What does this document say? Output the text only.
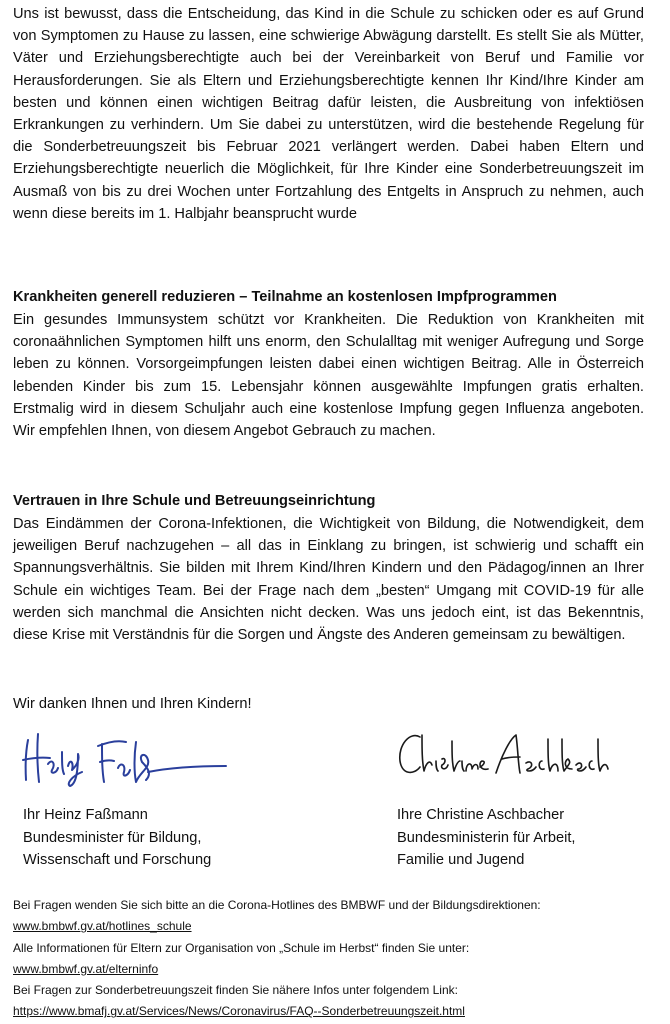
Uns ist bewusst, dass die Entscheidung, das Kind in die Schule zu schicken oder es auf Grund von Symptomen zu Hause zu lassen, eine schwierige Abwägung darstellt. Es stellt Sie als Mütter, Väter und Erziehungsberechtigte auch bei der Vereinbarkeit von Beruf und Familie vor Herausforderungen. Sie als Eltern und Erziehungsberechtigte kennen Ihr Kind/Ihre Kinder am besten und können einen wichtigen Beitrag dafür leisten, die Ausbreitung von infektiösen Erkrankungen zu verhindern. Um Sie dabei zu unterstützen, wird die bestehende Regelung für die Sonderbetreuungszeit bis Februar 2021 verlängert werden. Dabei haben Eltern und Erziehungsberechtigte neuerlich die Möglichkeit, für Ihre Kinder eine Sonderbetreuungszeit im Ausmaß von bis zu drei Wochen unter Fortzahlung des Entgelts in Anspruch zu nehmen, auch wenn diese bereits im 1. Halbjahr beansprucht wurde

Krankheiten generell reduzieren – Teilnahme an kostenlosen Impfprogrammen

Ein gesundes Immunsystem schützt vor Krankheiten. Die Reduktion von Krankheiten mit coronaähnlichen Symptomen hilft uns enorm, den Schulalltag mit weniger Aufregung und Sorge leben zu können. Vorsorgeimpfungen leisten dabei einen wichtigen Beitrag. Alle in Österreich lebenden Kinder bis zum 15. Lebensjahr können ausgewählte Impfungen gratis erhalten. Erstmalig wird in diesem Schuljahr auch eine kostenlose Impfung gegen Influenza angeboten. Wir empfehlen Ihnen, von diesem Angebot Gebrauch zu machen.

Vertrauen in Ihre Schule und Betreuungseinrichtung

Das Eindämmen der Corona-Infektionen, die Wichtigkeit von Bildung, die Notwendigkeit, dem jeweiligen Beruf nachzugehen – all das in Einklang zu bringen, ist schwierig und schafft ein Spannungsverhältnis. Sie bilden mit Ihrem Kind/Ihren Kindern und den Pädagog/innen an Ihrer Schule ein wichtiges Team. Bei der Frage nach dem „besten“ Umgang mit COVID-19 für alle werden sich manchmal die Ansichten nicht decken. Was uns jedoch eint, ist das Bekenntnis, diese Krise mit Verständnis für die Sorgen und Ängste des Anderen gemeinsam zu bewältigen.

Wir danken Ihnen und Ihren Kindern!

Ihr Heinz Faßmann
Bundesminister für Bildung,
Wissenschaft und Forschung
Ihre Christine Aschbacher
Bundesministerin für Arbeit,
Familie und Jugend
Bei Fragen wenden Sie sich bitte an die Corona-Hotlines des BMBWF und der Bildungsdirektionen:
www.bmbwf.gv.at/hotlines_schule
Alle Informationen für Eltern zur Organisation von „Schule im Herbst“ finden Sie unter:
www.bmbwf.gv.at/elterninfo
Bei Fragen zur Sonderbetreuungszeit finden Sie nähere Infos unter folgendem Link:
https://www.bmafj.gv.at/Services/News/Coronavirus/FAQ--Sonderbetreuungszeit.html
